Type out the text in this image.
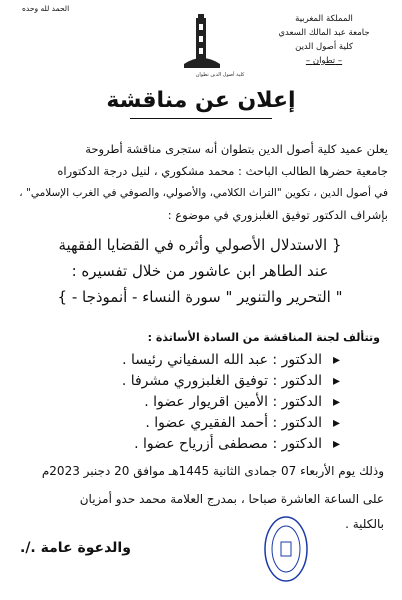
الحمد لله وحده
المملكة المغربية
جامعة عبد المالك السعدي
كلية أصول الدين
– تطوان –
كلية أصول الدين تطوان
إعلان عن مناقشة
يعلن عميد كلية أصول الدين بتطوان أنه ستجرى مناقشة أطروحة
جامعية حضرها الطالب الباحث : محمد مشكوري ، لنيل درجة الدكتوراه
في أصول الدين ، تكوين "التراث الكلامي، والأصولي، والصوفي في الغرب الإسلامي" ،
بإشراف الدكتور توفيق الغلبزوري في موضوع :
{ الاستدلال الأصولي وأثره في القضايا الفقهية
عند الطاهر ابن عاشور من خلال تفسيره :
" التحرير والتنوير " سورة النساء - أنموذجا - }
وتتألف لجنة المناقشة من السادة الأساتذة :
▸الدكتور : عبد الله السفياني رئيسا .
▸الدكتور : توفيق الغلبزوري مشرفا .
▸الدكتور : الأمين اقريوار عضوا .
▸الدكتور : أحمد الفقيري عضوا .
▸الدكتور : مصطفى أزرياح عضوا .
وذلك يوم الأربعاء 07 جمادى الثانية 1445هـ موافق 20 دجنبر 2023م
على الساعة العاشرة صباحا ، بمدرج العلامة محمد حدو أمزيان
بالكلية .
والدعوة عامة ./.
